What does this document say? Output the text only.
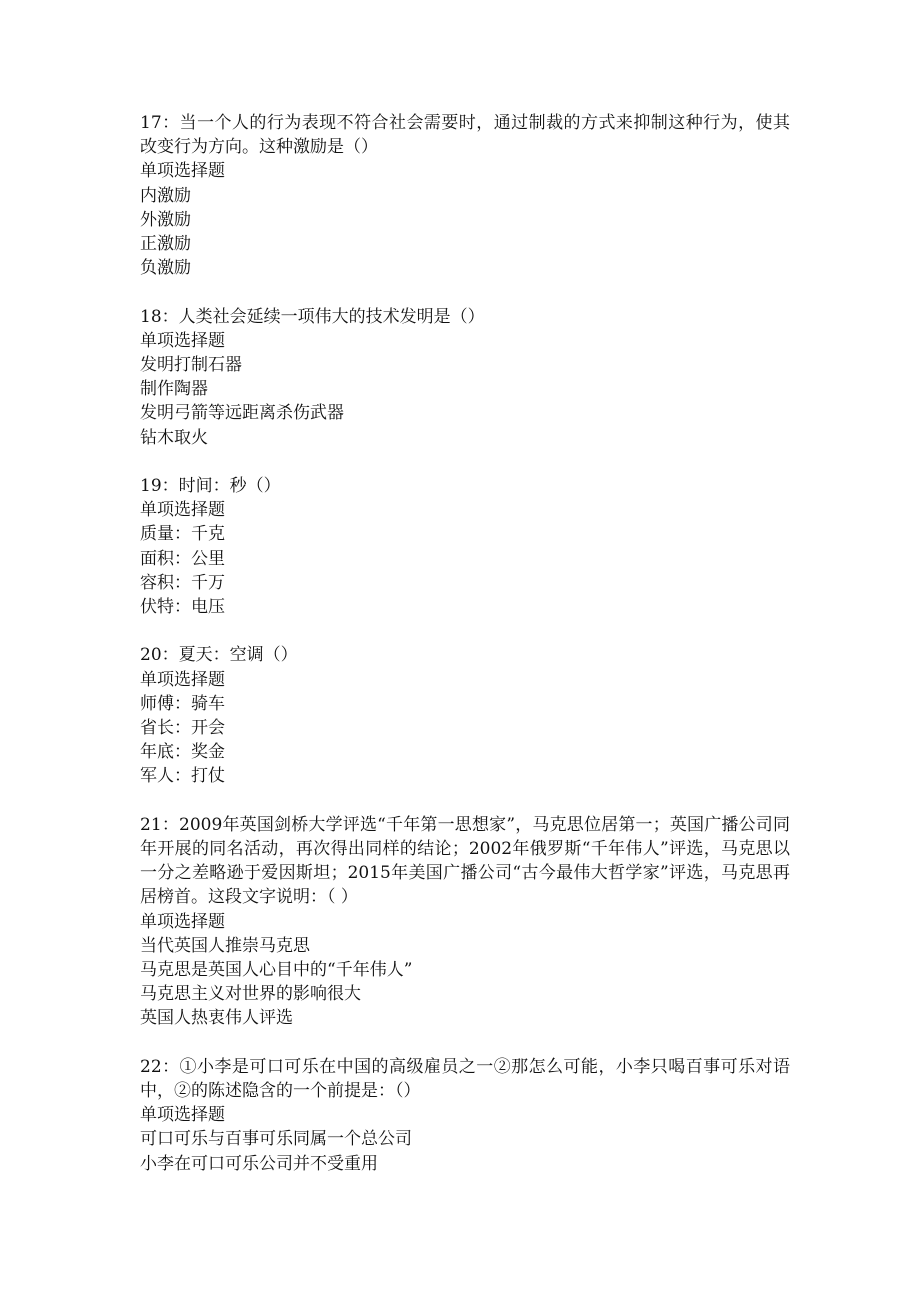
17：当一个人的行为表现不符合社会需要时，通过制裁的方式来抑制这种行为，使其改变行为方向。这种激励是（）

单项选择题

内激励

外激励

正激励

负激励

18：人类社会延续一项伟大的技术发明是（）

单项选择题

发明打制石器

制作陶器

发明弓箭等远距离杀伤武器

钻木取火

19：时间：秒（）

单项选择题

质量：千克

面积：公里

容积：千万

伏特：电压

20：夏天：空调（）

单项选择题

师傅：骑车

省长：开会

年底：奖金

军人：打仗

21：2009年英国剑桥大学评选“千年第一思想家”，马克思位居第一；英国广播公司同年开展的同名活动，再次得出同样的结论；2002年俄罗斯“千年伟人”评选，马克思以一分之差略逊于爱因斯坦；2015年美国广播公司“古今最伟大哲学家”评选，马克思再居榜首。这段文字说明：（ ）

单项选择题

当代英国人推崇马克思

马克思是英国人心目中的“千年伟人”

马克思主义对世界的影响很大

英国人热衷伟人评选

22：①小李是可口可乐在中国的高级雇员之一②那怎么可能，小李只喝百事可乐对语中，②的陈述隐含的一个前提是：（）

单项选择题

可口可乐与百事可乐同属一个总公司

小李在可口可乐公司并不受重用
